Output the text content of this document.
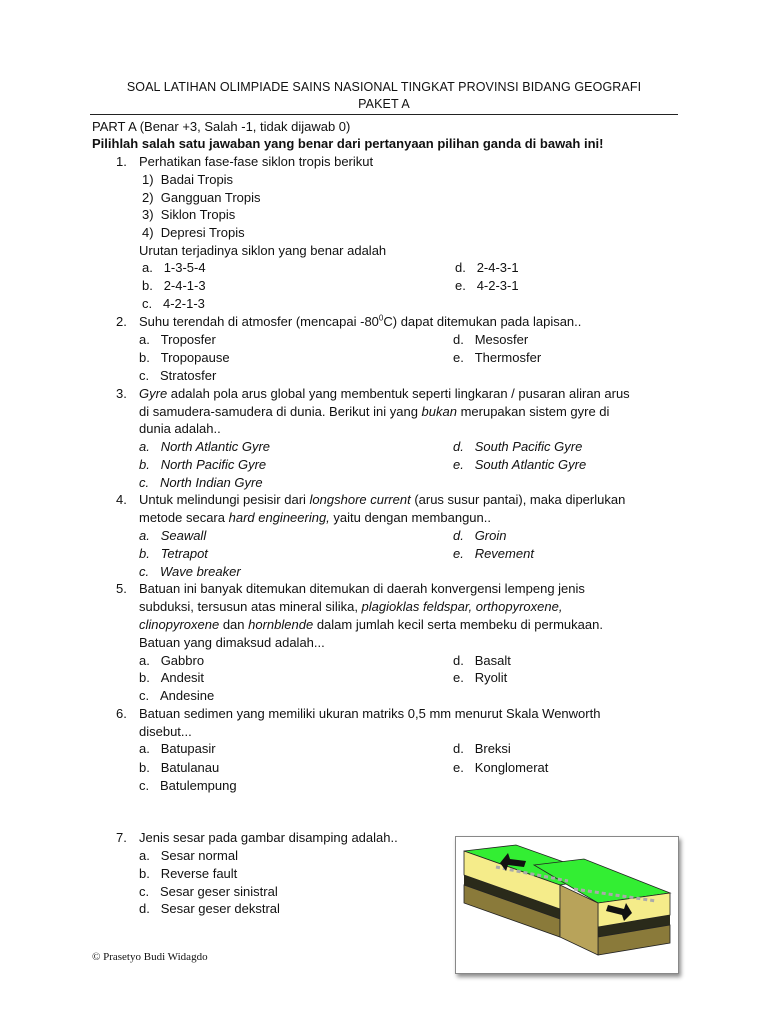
SOAL LATIHAN OLIMPIADE SAINS NASIONAL TINGKAT PROVINSI BIDANG GEOGRAFI
PAKET A
PART A (Benar +3, Salah -1, tidak dijawab 0)
Pilihlah salah satu jawaban yang benar dari pertanyaan pilihan ganda di bawah ini!
1. Perhatikan fase-fase siklon tropis berikut
1) Badai Tropis
2) Gangguan Tropis
3) Siklon Tropis
4) Depresi Tropis
Urutan terjadinya siklon yang benar adalah
a. 1-3-5-4
b. 2-4-1-3
c. 4-2-1-3
d. 2-4-3-1
e. 4-2-3-1
2. Suhu terendah di atmosfer (mencapai $-80^0C$) dapat ditemukan pada lapisan..
a. Troposfer
b. Tropopause
c. Stratosfer
d. Mesosfer
e. Thermosfer
3. Gyre adalah pola arus global yang membentuk seperti lingkaran / pusaran aliran arus
di samudera-samudera di dunia. Berikut ini yang bukan merupakan sistem gyre di
dunia adalah..
a. North Atlantic Gyre
b. North Pacific Gyre
c. North Indian Gyre
d. South Pacific Gyre
e. South Atlantic Gyre
4. Untuk melindungi pesisir dari longshore current (arus susur pantai), maka diperlukan
metode secara hard engineering, yaitu dengan membangun..
a. Seawall
b. Tetrapot
c. Wave breaker
d. Groin
e. Revement
5. Batuan ini banyak ditemukan ditemukan di daerah konvergensi lempeng jenis
subduksi, tersusun atas mineral silika, plagioklas feldspar, orthopyroxene,
clinopyroxene dan hornblende dalam jumlah kecil serta membeku di permukaan.
Batuan yang dimaksud adalah...
a. Gabbro
b. Andesit
c. Andesine
d. Basalt
e. Ryolit
6. Batuan sedimen yang memiliki ukuran matriks 0,5 mm menurut Skala Wenworth
disebut...
a. Batupasir
b. Batulanau
c. Batulempung
d. Breksi
e. Konglomerat
7. Jenis sesar pada gambar disamping adalah..
a. Sesar normal
b. Reverse fault
c. Sesar geser sinistral
d. Sesar geser dekstral
© Prasetyo Budi Widagdo
